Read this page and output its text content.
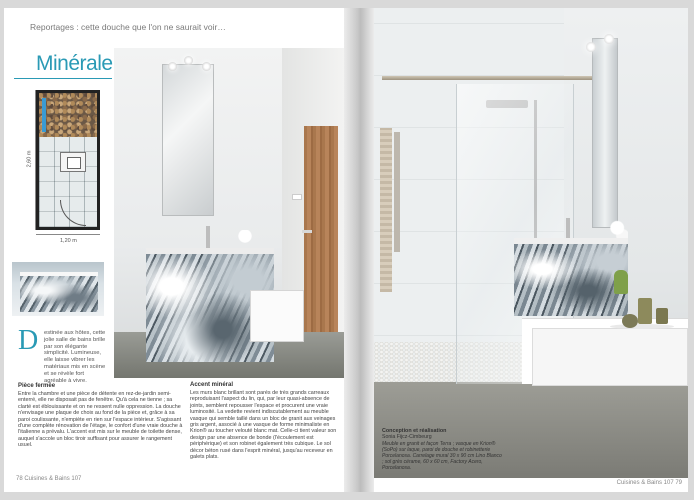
Reportages : cette douche que l'on ne saurait voir…
Minérale
2,60 m
1,20 m
D estinée aux hôtes, cette jolie salle de bains brille par son élégante simplicité. Lumineuse, elle laisse vibrer les matériaux mis en scène et se révèle fort agréable à vivre.
Pièce fermée
Entre la chambre et une pièce de détente en rez-de-jardin semi-enterré, elle ne disposait pas de fenêtre. Qu'à cela ne tienne ; sa clarté est éblouissante et on ne ressent nulle oppression. La douche n'envisage une plaque de choix au fond de la pièce et, grâce à sa paroi coulissante, n'empiète en rien sur l'espace intérieur. S'agissant d'une complète rénovation de l'étage, le confort d'une vraie douche à l'italienne a prévalu. L'accent est mis sur le meuble de toilette dense, auquel s'accole un bloc tiroir suffisant pour assurer le rangement usuel.
Accent minéral
Les murs blanc brillant sont parés de très grands carreaux reproduisant l'aspect du lin, qui, par leur quasi-absence de joints, semblent repousser l'espace et procurent une vraie luminosité. La vedette revient indiscutablement au meuble vasque qui semble taillé dans un bloc de granit aux veinages gris argent, associé à une vasque de forme minimaliste en Krion® au toucher velouté blanc mat. Celle-ci tient valeur son design par une absence de bonde (l'écoulement est périphérique) et son robinet également très cubique. Le sol décor béton rusé dans l'esprit minéral, jusqu'au receveur en galets plats.
78 Cuisines & Bains 107
Conception et réalisation
Sonia Fijcz-Cimbeurg
Meuble en granit et façon Terra ; vasque en Krion® (SoPo) sur laque, paroi de douche et robinetterie Porcelanosa. Carrelage mural 30 x 90 cm Lino Blanco ; sol grès cérame, 60 x 60 cm, Factory Acero, Porcelanosa.
Cuisines & Bains 107 79
